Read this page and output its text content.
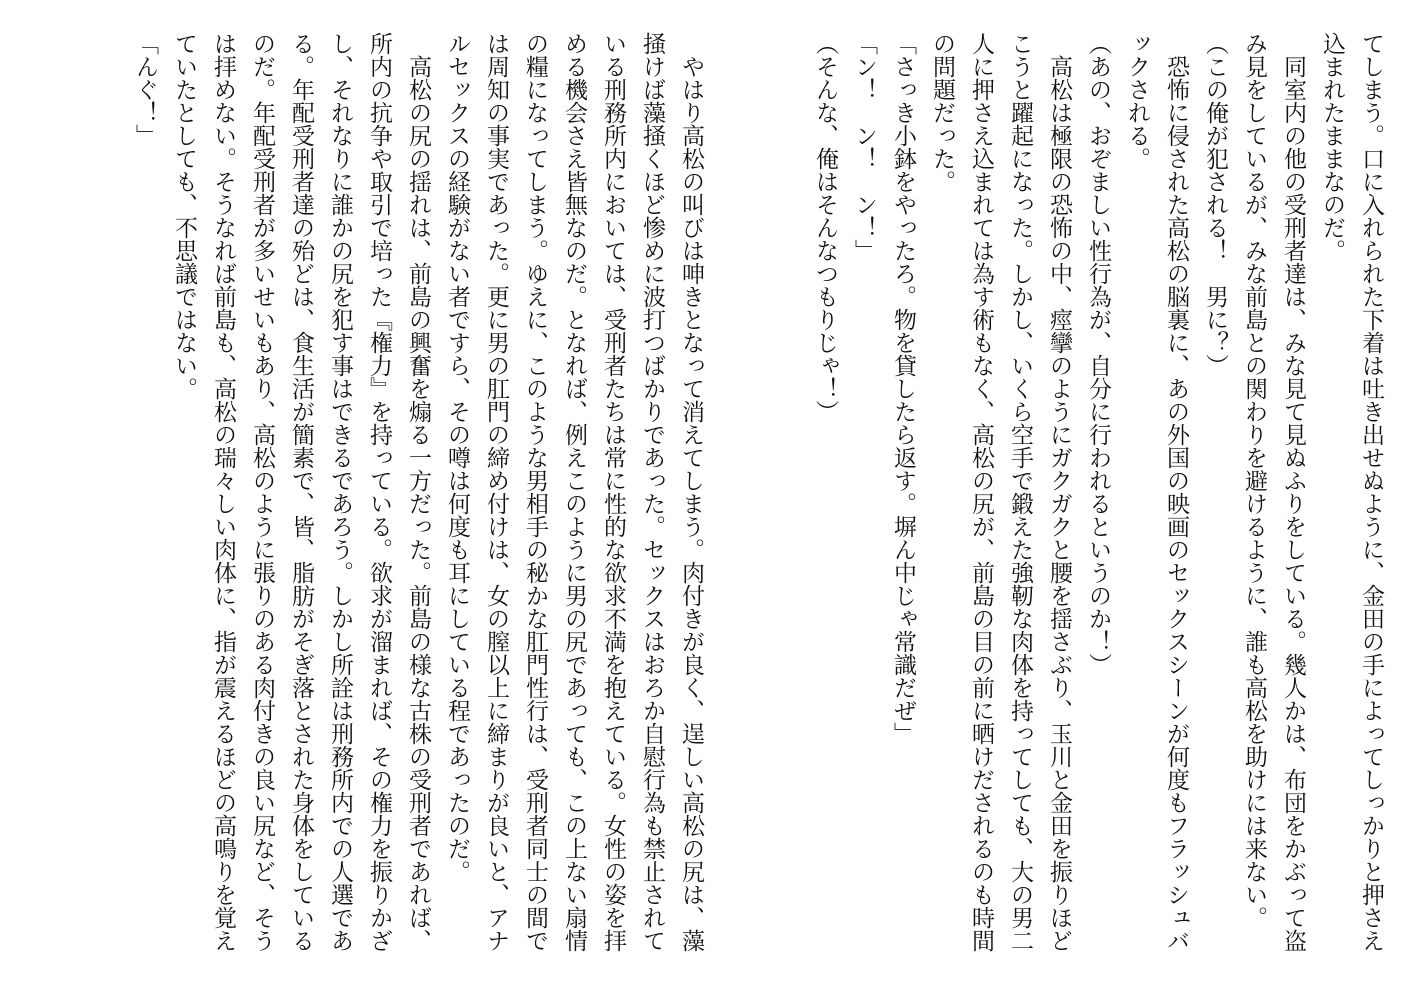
てしまう。口に入れられた下着は吐き出せぬように、金田の手によってしっかりと押さえ込まれたままなのだ。

　同室内の他の受刑者達は、みな見て見ぬふりをしている。幾人かは、布団をかぶって盗み見をしているが、みな前島との関わりを避けるように、誰も高松を助けには来ない。

（この俺が犯される！　男に？）

　恐怖に侵された高松の脳裏に、あの外国の映画のセックスシーンが何度もフラッシュバックされる。

（あの、おぞましい性行為が、自分に行われるというのか！）

　高松は極限の恐怖の中、痙攣のようにガクガクと腰を揺さぶり、玉川と金田を振りほどこうと躍起になった。しかし、いくら空手で鍛えた強靭な肉体を持ってしても、大の男二人に押さえ込まれては為す術もなく、高松の尻が、前島の目の前に晒けだされるのも時間の問題だった。

「さっき小鉢をやったろ。物を貸したら返す。塀ん中じゃ常識だぜ」

「ン！　ン！　ン！」

（そんな、俺はそんなつもりじゃ！）

　やはり高松の叫びは呻きとなって消えてしまう。肉付きが良く、逞しい高松の尻は、藻掻けば藻掻くほど惨めに波打つばかりであった。セックスはおろか自慰行為も禁止されている刑務所内においては、受刑者たちは常に性的な欲求不満を抱えている。女性の姿を拝める機会さえ皆無なのだ。となれば、例えこのように男の尻であっても、この上ない扇情の糧になってしまう。ゆえに、このような男相手の秘かな肛門性行は、受刑者同士の間では周知の事実であった。更に男の肛門の締め付けは、女の膣以上に締まりが良いと、アナルセックスの経験がない者ですら、その噂は何度も耳にしている程であったのだ。

　高松の尻の揺れは、前島の興奮を煽る一方だった。前島の様な古株の受刑者であれば、所内の抗争や取引で培った『権力』を持っている。欲求が溜まれば、その権力を振りかざし、それなりに誰かの尻を犯す事はできるであろう。しかし所詮は刑務所内での人選である。年配受刑者達の殆どは、食生活が簡素で、皆、脂肪がそぎ落とされた身体をしているのだ。年配受刑者が多いせいもあり、高松のように張りのある肉付きの良い尻など、そうは拝めない。そうなれば前島も、高松の瑞々しい肉体に、指が震えるほどの高鳴りを覚えていたとしても、不思議ではない。

「んぐ！」
